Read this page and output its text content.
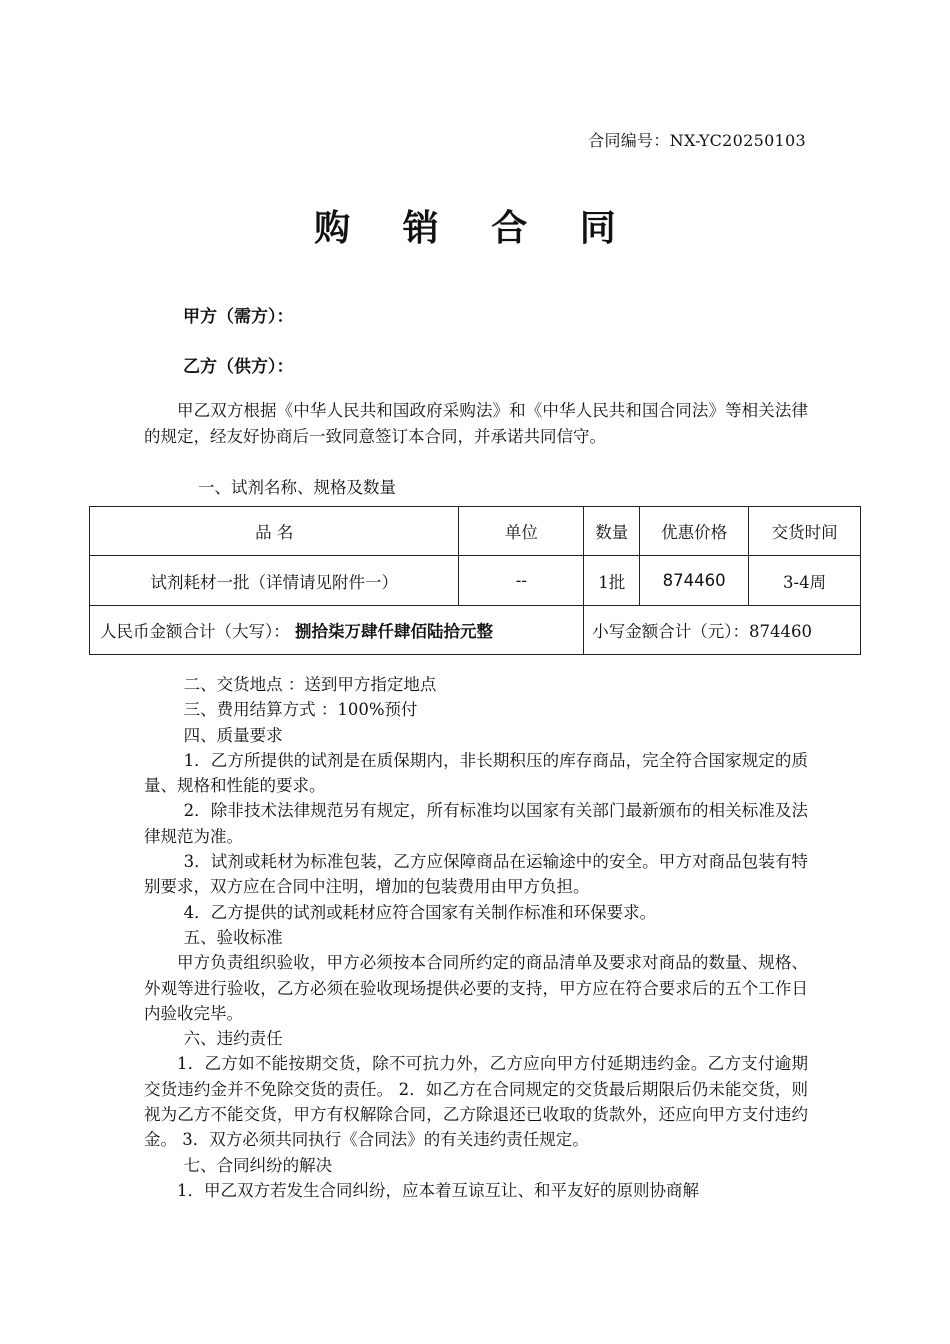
合同编号：NX-YC20250103
购 销 合 同
甲方（需方）：
乙方（供方）：
甲乙双方根据《中华人民共和国政府采购法》和《中华人民共和国合同法》等相关法律的规定，经友好协商后一致同意签订本合同，并承诺共同信守。
一、试剂名称、规格及数量
品 名	单位	数量	优惠价格	交货时间
试剂耗材一批（详情请见附件一）	--	1批	874460	3-4周
人民币金额合计（大写）： 捌拾柒万肆仟肆佰陆拾元整		小写金额合计（元）：874460		
二、交货地点 ：送到甲方指定地点
三、费用结算方式 ：100%预付
四、质量要求
1．乙方所提供的试剂是在质保期内，非长期积压的库存商品，完全符合国家规定的质量、规格和性能的要求。
2．除非技术法律规范另有规定，所有标准均以国家有关部门最新颁布的相关标准及法律规范为准。
3．试剂或耗材为标准包装，乙方应保障商品在运输途中的安全。甲方对商品包装有特别要求，双方应在合同中注明，增加的包装费用由甲方负担。
4．乙方提供的试剂或耗材应符合国家有关制作标准和环保要求。
五、验收标准
甲方负责组织验收，甲方必须按本合同所约定的商品清单及要求对商品的数量、规格、外观等进行验收，乙方必须在验收现场提供必要的支持，甲方应在符合要求后的五个工作日内验收完毕。
六、违约责任
1．乙方如不能按期交货，除不可抗力外，乙方应向甲方付延期违约金。乙方支付逾期交货违约金并不免除交货的责任。 2．如乙方在合同规定的交货最后期限后仍未能交货，则视为乙方不能交货，甲方有权解除合同，乙方除退还已收取的货款外，还应向甲方支付违约金。 3．双方必须共同执行《合同法》的有关违约责任规定。
七、合同纠纷的解决
1．甲乙双方若发生合同纠纷，应本着互谅互让、和平友好的原则协商解
